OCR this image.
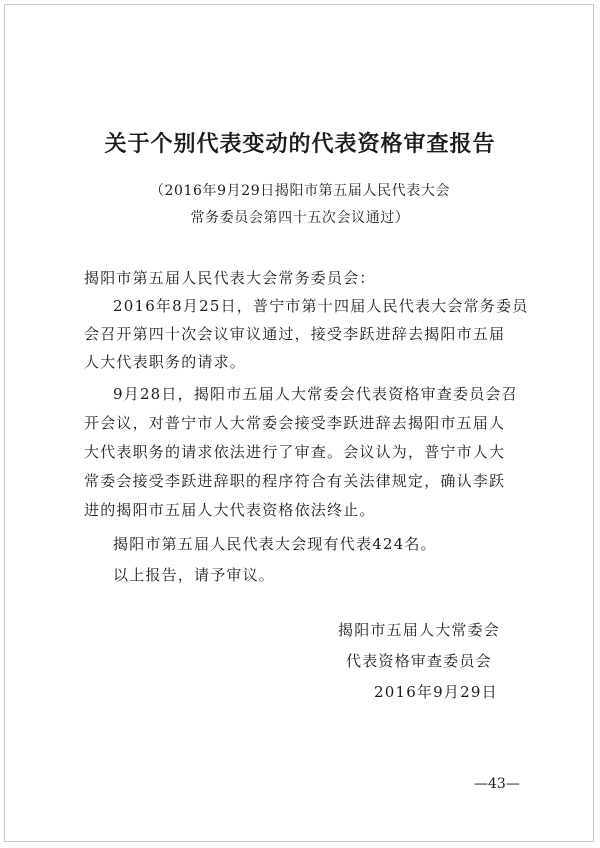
关于个别代表变动的代表资格审查报告
（2016年9月29日揭阳市第五届人民代表大会
常务委员会第四十五次会议通过）
揭阳市第五届人民代表大会常务委员会：
2016年8月25日，普宁市第十四届人民代表大会常务委员
会召开第四十次会议审议通过，接受李跃进辞去揭阳市五届
人大代表职务的请求。
9月28日，揭阳市五届人大常委会代表资格审查委员会召
开会议，对普宁市人大常委会接受李跃进辞去揭阳市五届人
大代表职务的请求依法进行了审查。会议认为，普宁市人大
常委会接受李跃进辞职的程序符合有关法律规定，确认李跃
进的揭阳市五届人大代表资格依法终止。
揭阳市第五届人民代表大会现有代表424名。
以上报告，请予审议。
揭阳市五届人大常委会
代表资格审查委员会
2016年9月29日
—43—
